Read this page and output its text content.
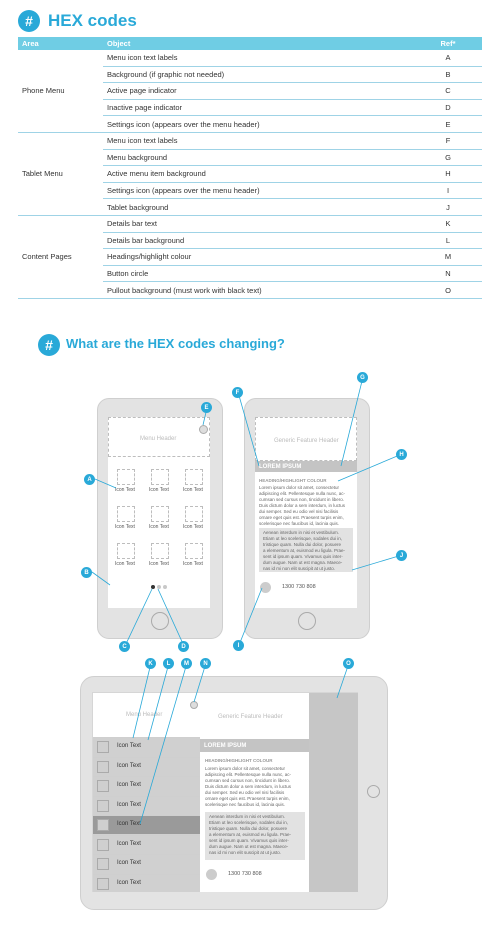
# HEX codes
Area	Object	Ref*
Phone Menu	Menu icon text labels	A
	Background (if graphic not needed)	B
	Active page indicator	C
	Inactive page indicator	D
	Settings icon (appears over the menu header)	E
Tablet Menu	Menu icon text labels	F
	Menu background	G
	Active menu item background	H
	Settings icon (appears over the menu header)	I
	Tablet background	J
Content Pages	Details bar text	K
	Details bar background	L
	Headings/highlight colour	M
	Button circle	N
	Pullout background (must work with black text)	O
#	What are the HEX codes changing?
Menu Header
Icon Text	Icon Text	Icon Text
Icon Text	Icon Text	Icon Text
Icon Text	Icon Text	Icon Text
Generic Feature Header
LOREM IPSUM
HEADING/HIGHLIGHT COLOUR
Lorem ipsum dolor sit amet, consectetur
adipiscing elit. Pellentesque nulla nunc, ac-
cumsan sed cursus non, tincidunt in libero.
Duis dictum dolor a sem interdum, in luctus
dui semper. Sed eu odio vel nisi facilisis
ornare eget quis est. Praesent turpis enim,
scelerisque nec faucibus id, lacinia quis.
Aenean interdum in nisi et vestibulum.
Etiam ut leo scelerisque, sodales dui in,
tristique quam. Nulla dui dolor, posuere
a elementum at, euismod eu ligula. Prae-
sent id ipsum quam. Vivamus quis inter-
dum augue. Nam ut est magna. Maece-
nas id mi non elit suscipit at ut justo.
1300 730 808
Menu Header
Icon Text
Icon Text
Icon Text
Icon Text
Icon Text
Icon Text
Icon Text
Icon Text
Generic Feature Header
LOREM IPSUM
HEADING/HIGHLIGHT COLOUR
Lorem ipsum dolor sit amet, consectetur
adipiscing elit. Pellentesque nulla nunc, ac-
cumsan sed cursus non, tincidunt in libero.
Duis dictum dolor a sem interdum, in luctus
dui semper. Sed eu odio vel nisi facilisis
ornare eget quis est. Praesent turpis enim,
scelerisque nec faucibus id, lacinia quis.
Aenean interdum in nisi et vestibulum.
Etiam ut leo scelerisque, sodales dui in,
tristique quam. Nulla dui dolor, posuere
a elementum at, euismod eu ligula. Prae-
sent id ipsum quam. Vivamus quis inter-
dum augue. Nam ut est magna. Maece-
nas id mi non elit suscipit at ut justo.
1300 730 808
A
B
C	D
E
F
G
H
I
J
K	L	M	N	O
